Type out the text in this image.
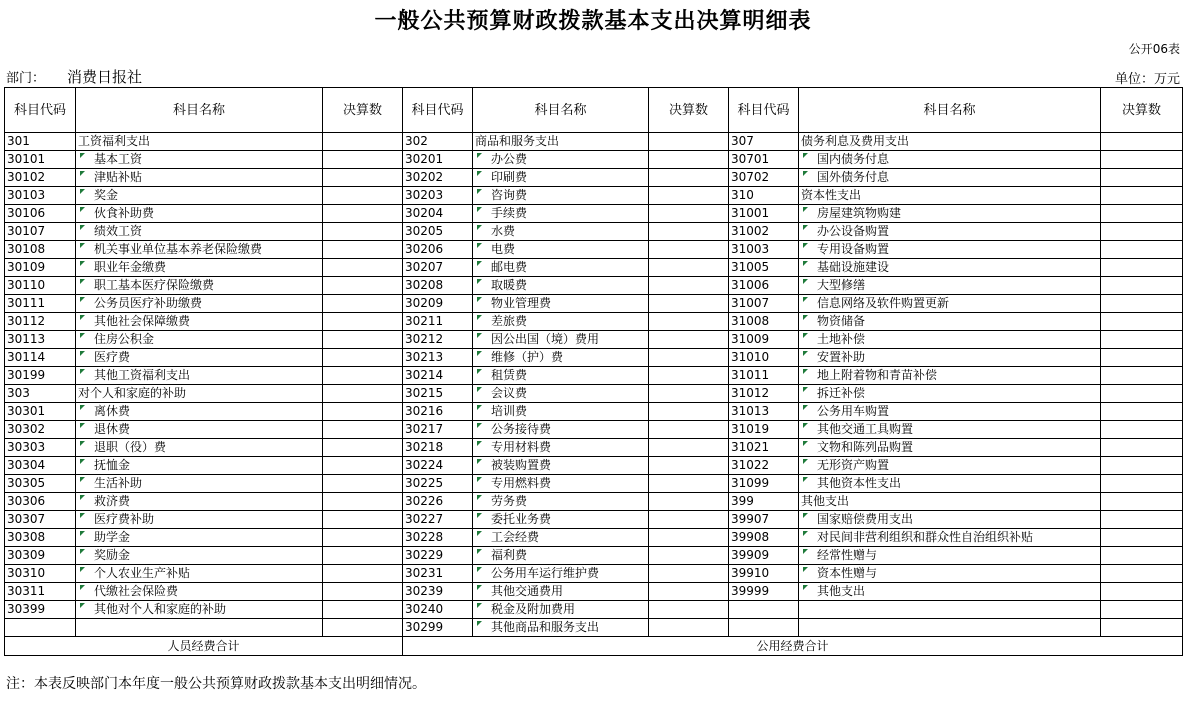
一般公共预算财政拨款基本支出决算明细表
公开06表
部门： 消费日报社	单位：万元
科目代码	科目名称	决算数	科目代码	科目名称	决算数	科目代码	科目名称	决算数
301	工资福利支出		302	商品和服务支出		307	债务利息及费用支出	
30101	基本工资		30201	办公费		30701	国内债务付息	
30102	津贴补贴		30202	印刷费		30702	国外债务付息	
30103	奖金		30203	咨询费		310	资本性支出	
30106	伙食补助费		30204	手续费		31001	房屋建筑物购建	
30107	绩效工资		30205	水费		31002	办公设备购置	
30108	机关事业单位基本养老保险缴费		30206	电费		31003	专用设备购置	
30109	职业年金缴费		30207	邮电费		31005	基础设施建设	
30110	职工基本医疗保险缴费		30208	取暖费		31006	大型修缮	
30111	公务员医疗补助缴费		30209	物业管理费		31007	信息网络及软件购置更新	
30112	其他社会保障缴费		30211	差旅费		31008	物资储备	
30113	住房公积金		30212	因公出国（境）费用		31009	土地补偿	
30114	医疗费		30213	维修（护）费		31010	安置补助	
30199	其他工资福利支出		30214	租赁费		31011	地上附着物和青苗补偿	
303	对个人和家庭的补助		30215	会议费		31012	拆迁补偿	
30301	离休费		30216	培训费		31013	公务用车购置	
30302	退休费		30217	公务接待费		31019	其他交通工具购置	
30303	退职（役）费		30218	专用材料费		31021	文物和陈列品购置	
30304	抚恤金		30224	被装购置费		31022	无形资产购置	
30305	生活补助		30225	专用燃料费		31099	其他资本性支出	
30306	救济费		30226	劳务费		399	其他支出	
30307	医疗费补助		30227	委托业务费		39907	国家赔偿费用支出	
30308	助学金		30228	工会经费		39908	对民间非营利组织和群众性自治组织补贴	
30309	奖励金		30229	福利费		39909	经常性赠与	
30310	个人农业生产补贴		30231	公务用车运行维护费		39910	资本性赠与	
30311	代缴社会保险费		30239	其他交通费用		39999	其他支出	
30399	其他对个人和家庭的补助		30240	税金及附加费用				
			30299	其他商品和服务支出				
人员经费合计			公用经费合计					
注：本表反映部门本年度一般公共预算财政拨款基本支出明细情况。
